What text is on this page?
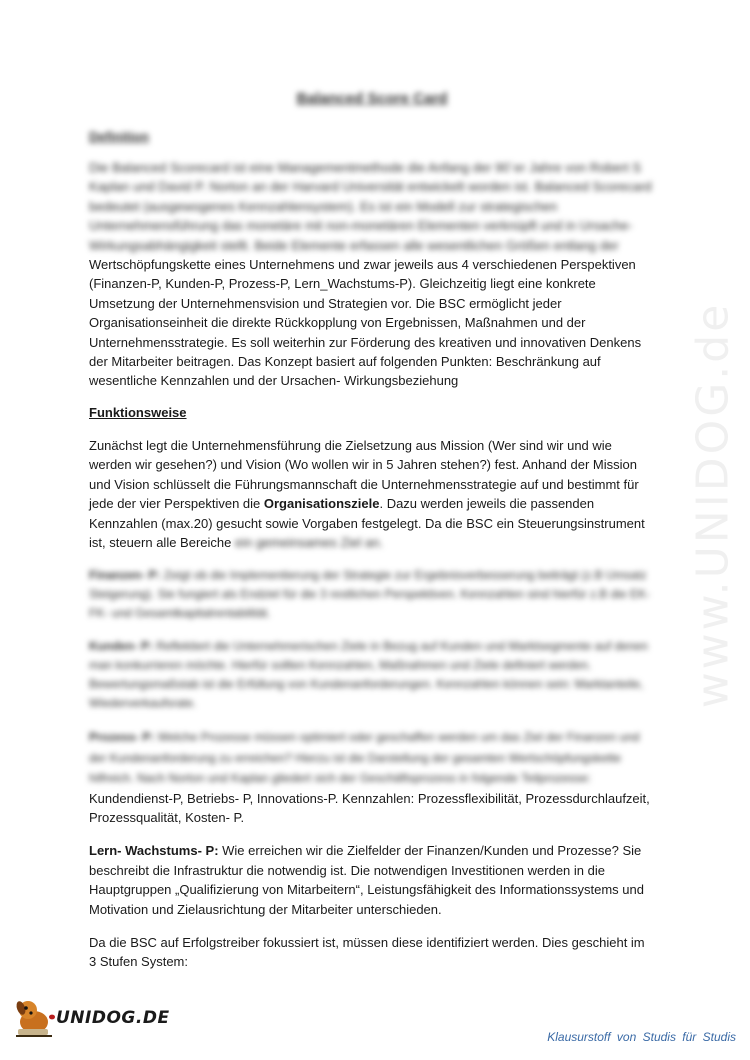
www.UNIDOG.de
Balanced Score Card
Definition
Die Balanced Scorecard ist eine Managementmethode die Anfang der 90´er Jahre von Robert S Kaplan und David P. Norton an der Harvard Universität entwickelt worden ist. Balanced Scorecard bedeutet (ausgewogenes Kennzahlensystem). Es ist ein Modell zur strategischen Unternehmensführung das monetäre mit non-monetären Elementen verknüpft und in Ursache-Wirkungsabhängigkeit stellt. Beide Elemente erfassen alle wesentlichen Größen entlang der Wertschöpfungskette eines Unternehmens und zwar jeweils aus 4 verschiedenen Perspektiven (Finanzen-P, Kunden-P, Prozess-P, Lern_Wachstums-P). Gleichzeitig liegt eine konkrete Umsetzung der Unternehmensvision und Strategien vor. Die BSC ermöglicht jeder Organisationseinheit die direkte Rückkopplung von Ergebnissen, Maßnahmen und der Unternehmensstrategie. Es soll weiterhin zur Förderung des kreativen und innovativen Denkens der Mitarbeiter beitragen. Das Konzept basiert auf folgenden Punkten: Beschränkung auf wesentliche Kennzahlen und der Ursachen- Wirkungsbeziehung
Funktionsweise
Zunächst legt die Unternehmensführung die Zielsetzung aus Mission (Wer sind wir und wie werden wir gesehen?) und Vision (Wo wollen wir in 5 Jahren stehen?) fest. Anhand der Mission und Vision schlüsselt die Führungsmannschaft die Unternehmensstrategie auf und bestimmt für jede der vier Perspektiven die Organisationsziele. Dazu werden jeweils die passenden Kennzahlen (max.20) gesucht sowie Vorgaben festgelegt. Da die BSC ein Steuerungsinstrument ist, steuern alle Bereiche ein gemeinsames Ziel an.
Finanzen- P: Zeigt ob die Implementierung der Strategie zur Ergebnisverbesserung beiträgt (z.B Umsatz Steigerung). Sie fungiert als Endziel für die 3 restlichen Perspektiven. Kennzahlen sind hierfür z.B die EK-FK- und Gesamtkapitalrentabilität.
Kunden- P: Reflektiert die Unternehmerischen Ziele in Bezug auf Kunden und Marktsegmente auf denen man konkurrieren möchte. Hierfür sollten Kennzahlen, Maßnahmen und Ziele definiert werden. Bewertungsmaßstab ist die Erfüllung von Kundenanforderungen. Kennzahlen können sein: Marktanteile, Wiederverkaufsrate.
Prozess- P: Welche Prozesse müssen optimiert oder geschaffen werden um das Ziel der Finanzen und der Kundenanforderung zu erreichen? Hierzu ist die Darstellung der gesamten Wertschöpfungskette hilfreich. Nach Norton und Kaplan gliedert sich der Geschäftsprozess in folgende Teilprozesse: Kundendienst-P, Betriebs- P, Innovations-P. Kennzahlen: Prozessflexibilität, Prozessdurchlaufzeit, Prozessqualität, Kosten- P.
Lern- Wachstums- P: Wie erreichen wir die Zielfelder der Finanzen/Kunden und Prozesse? Sie beschreibt die Infrastruktur die notwendig ist. Die notwendigen Investitionen werden in die Hauptgruppen „Qualifizierung von Mitarbeitern“, Leistungsfähigkeit des Informationssystems und Motivation und Zielausrichtung der Mitarbeiter unterschieden.
Da die BSC auf Erfolgstreiber fokussiert ist, müssen diese identifiziert werden. Dies geschieht im 3 Stufen System:
UNIDOG.DE
Klausurstoff von Studis für Studis
